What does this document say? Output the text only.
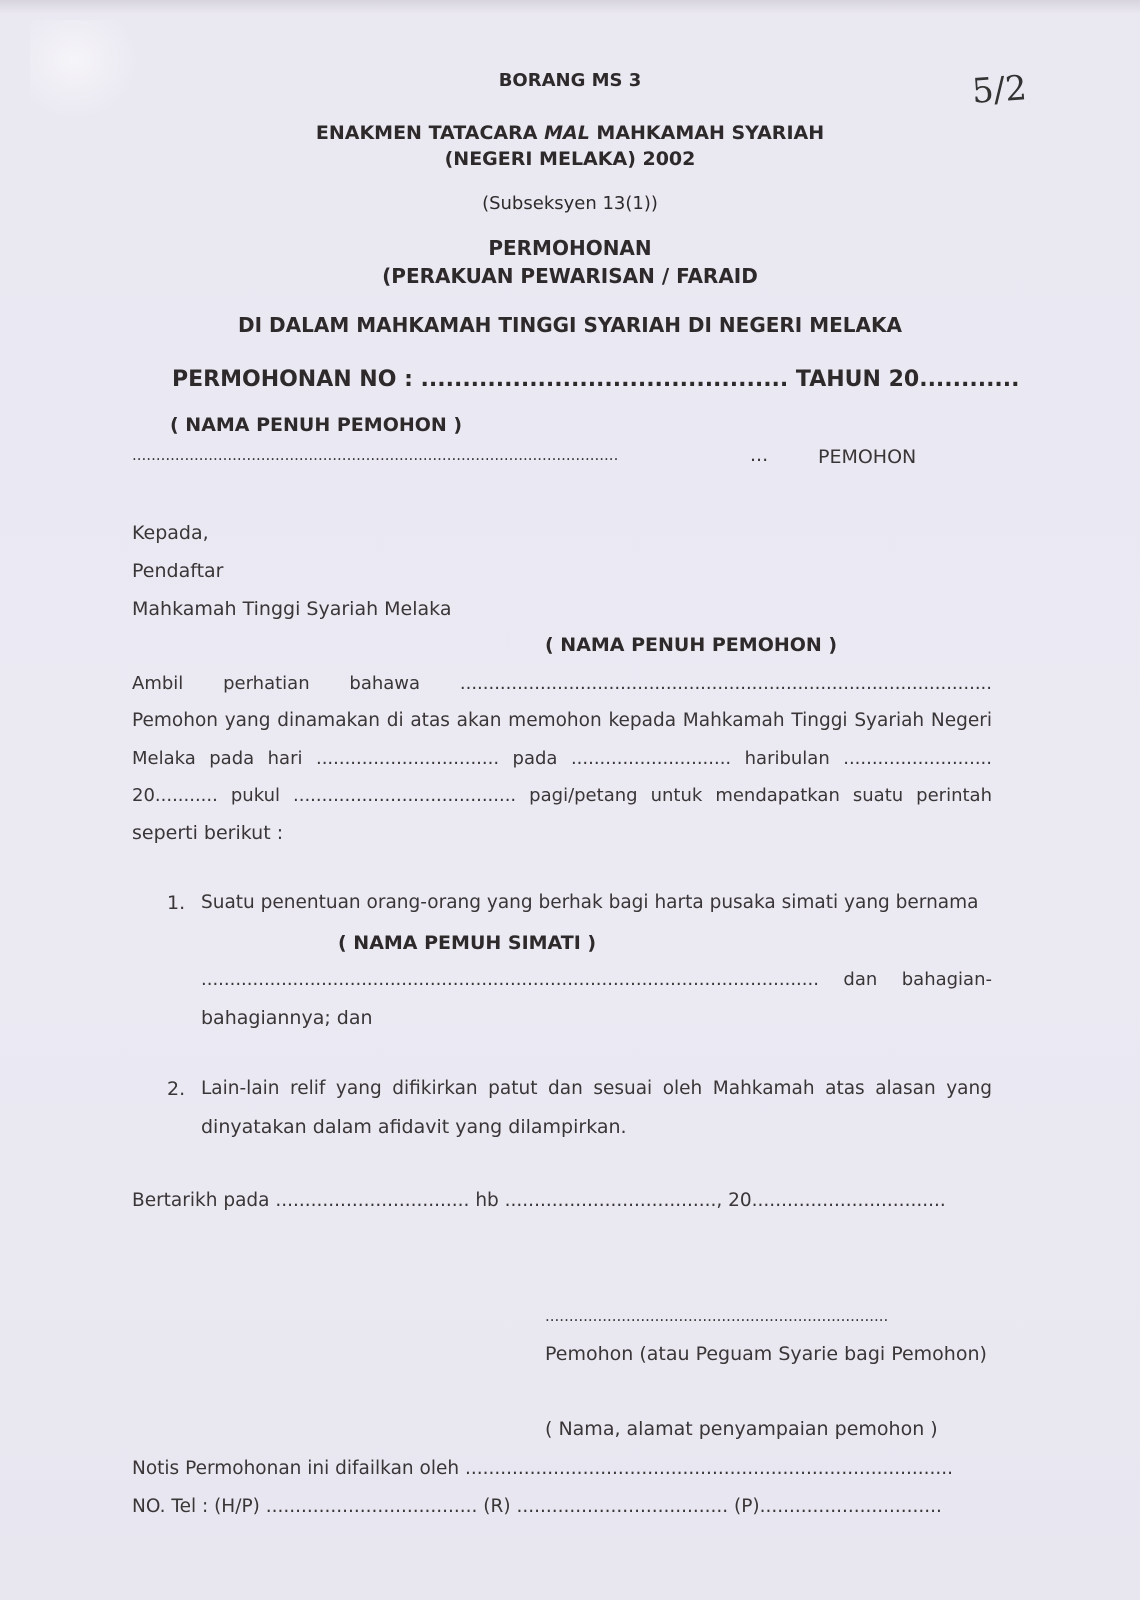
5/2
BORANG MS 3
ENAKMEN TATACARA MAL MAHKAMAH SYARIAH
(NEGERI MELAKA) 2002
(Subseksyen 13(1))
PERMOHONAN
(PERAKUAN PEWARISAN / FARAID
DI DALAM MAHKAMAH TINGGI SYARIAH DI NEGERI MELAKA
PERMOHONAN NO : ............................................ TAHUN 20............
( NAMA PENUH PEMOHON )
......................................................................................................	...	PEMOHON
Kepada,
Pendaftar
Mahkamah Tinggi Syariah Melaka
( NAMA PENUH PEMOHON )
Ambil perhatian bahawa .............................................................................................
Pemohon yang dinamakan di atas akan memohon kepada Mahkamah Tinggi Syariah Negeri
Melaka pada hari ................................ pada ............................ haribulan ..........................
20........... pukul ....................................... pagi/petang untuk mendapatkan suatu perintah
seperti berikut :
1. Suatu penentuan orang-orang yang berhak bagi harta pusaka simati yang bernama
( NAMA PEMUH SIMATI )
............................................................................................................ dan bahagian-
bahagiannya; dan
2. Lain-lain relif yang difikirkan patut dan sesuai oleh Mahkamah atas alasan yang
dinyatakan dalam afidavit yang dilampirkan.
Bertarikh pada ................................. hb ...................................., 20.................................
........................................................................
Pemohon (atau Peguam Syarie bagi Pemohon)
( Nama, alamat penyampaian pemohon )
Notis Permohonan ini difailkan oleh ...................................................................................
NO. Tel : (H/P) .................................... (R) .................................... (P)...............................
